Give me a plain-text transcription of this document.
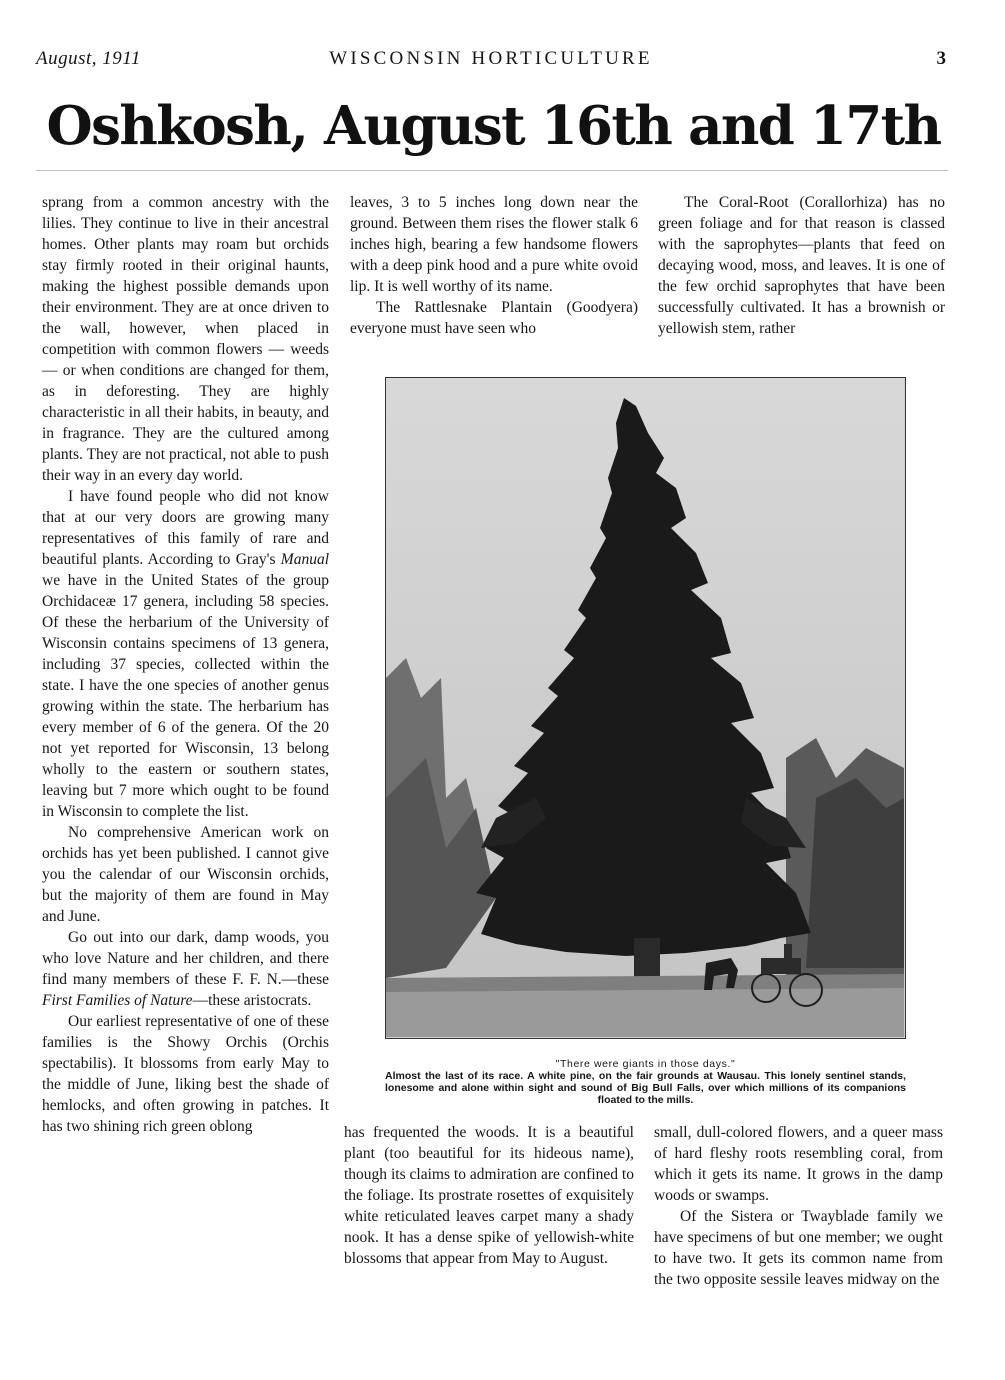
August, 1911	WISCONSIN HORTICULTURE	3
Oshkosh, August 16th and 17th

sprang from a common ancestry with the lilies. They continue to live in their ancestral homes. Other plants may roam but orchids stay firmly rooted in their original haunts, making the highest possible demands upon their environment. They are at once driven to the wall, however, when placed in competition with common flowers — weeds — or when conditions are changed for them, as in deforesting. They are highly characteristic in all their habits, in beauty, and in fragrance. They are the cultured among plants. They are not practical, not able to push their way in an every day world.

I have found people who did not know that at our very doors are growing many representatives of this family of rare and beautiful plants. According to Gray's Manual we have in the United States of the group Orchidaceæ 17 genera, including 58 species. Of these the herbarium of the University of Wisconsin contains specimens of 13 genera, including 37 species, collected within the state. I have the one species of another genus growing within the state. The herbarium has every member of 6 of the genera. Of the 20 not yet reported for Wisconsin, 13 belong wholly to the eastern or southern states, leaving but 7 more which ought to be found in Wisconsin to complete the list.

No comprehensive American work on orchids has yet been published. I cannot give you the calendar of our Wisconsin orchids, but the majority of them are found in May and June.

Go out into our dark, damp woods, you who love Nature and her children, and there find many members of these F. F. N.—these First Families of Nature—these aristocrats.

Our earliest representative of one of these families is the Showy Orchis (Orchis spectabilis). It blossoms from early May to the middle of June, liking best the shade of hemlocks, and often growing in patches. It has two shining rich green oblong

leaves, 3 to 5 inches long down near the ground. Between them rises the flower stalk 6 inches high, bearing a few handsome flowers with a deep pink hood and a pure white ovoid lip. It is well worthy of its name.

The Rattlesnake Plantain (Goodyera) everyone must have seen who

The Coral-Root (Corallorhiza) has no green foliage and for that reason is classed with the saprophytes—plants that feed on decaying wood, moss, and leaves. It is one of the few orchid saprophytes that have been successfully cultivated. It has a brownish or yellowish stem, rather

"There were giants in those days."
Almost the last of its race. A white pine, on the fair grounds at Wausau. This lonely sentinel stands, lonesome and alone within sight and sound of Big Bull Falls, over which millions of its companions floated to the mills.

has frequented the woods. It is a beautiful plant (too beautiful for its hideous name), though its claims to admiration are confined to the foliage. Its prostrate rosettes of exquisitely white reticulated leaves carpet many a shady nook. It has a dense spike of yellowish-white blossoms that appear from May to August.

small, dull-colored flowers, and a queer mass of hard fleshy roots resembling coral, from which it gets its name. It grows in the damp woods or swamps.

Of the Sistera or Twayblade family we have specimens of but one member; we ought to have two. It gets its common name from the two opposite sessile leaves midway on the
